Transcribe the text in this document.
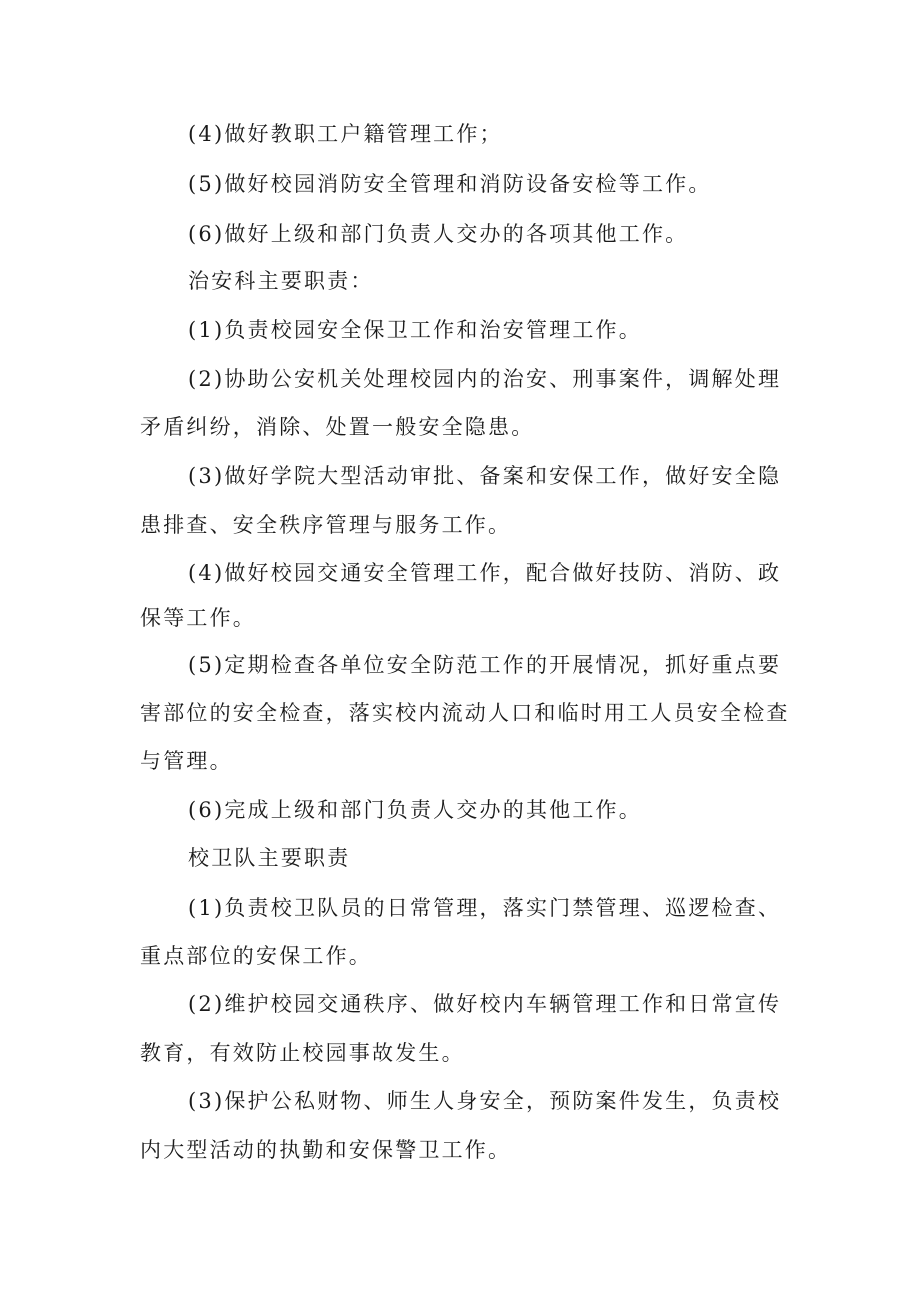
(4)做好教职工户籍管理工作；

(5)做好校园消防安全管理和消防设备安检等工作。

(6)做好上级和部门负责人交办的各项其他工作。

治安科主要职责：

(1)负责校园安全保卫工作和治安管理工作。

(2)协助公安机关处理校园内的治安、刑事案件，调解处理

矛盾纠纷，消除、处置一般安全隐患。

(3)做好学院大型活动审批、备案和安保工作，做好安全隐

患排查、安全秩序管理与服务工作。

(4)做好校园交通安全管理工作，配合做好技防、消防、政

保等工作。

(5)定期检查各单位安全防范工作的开展情况，抓好重点要

害部位的安全检查，落实校内流动人口和临时用工人员安全检查

与管理。

(6)完成上级和部门负责人交办的其他工作。

校卫队主要职责

(1)负责校卫队员的日常管理，落实门禁管理、巡逻检查、

重点部位的安保工作。

(2)维护校园交通秩序、做好校内车辆管理工作和日常宣传

教育，有效防止校园事故发生。

(3)保护公私财物、师生人身安全，预防案件发生，负责校

内大型活动的执勤和安保警卫工作。
